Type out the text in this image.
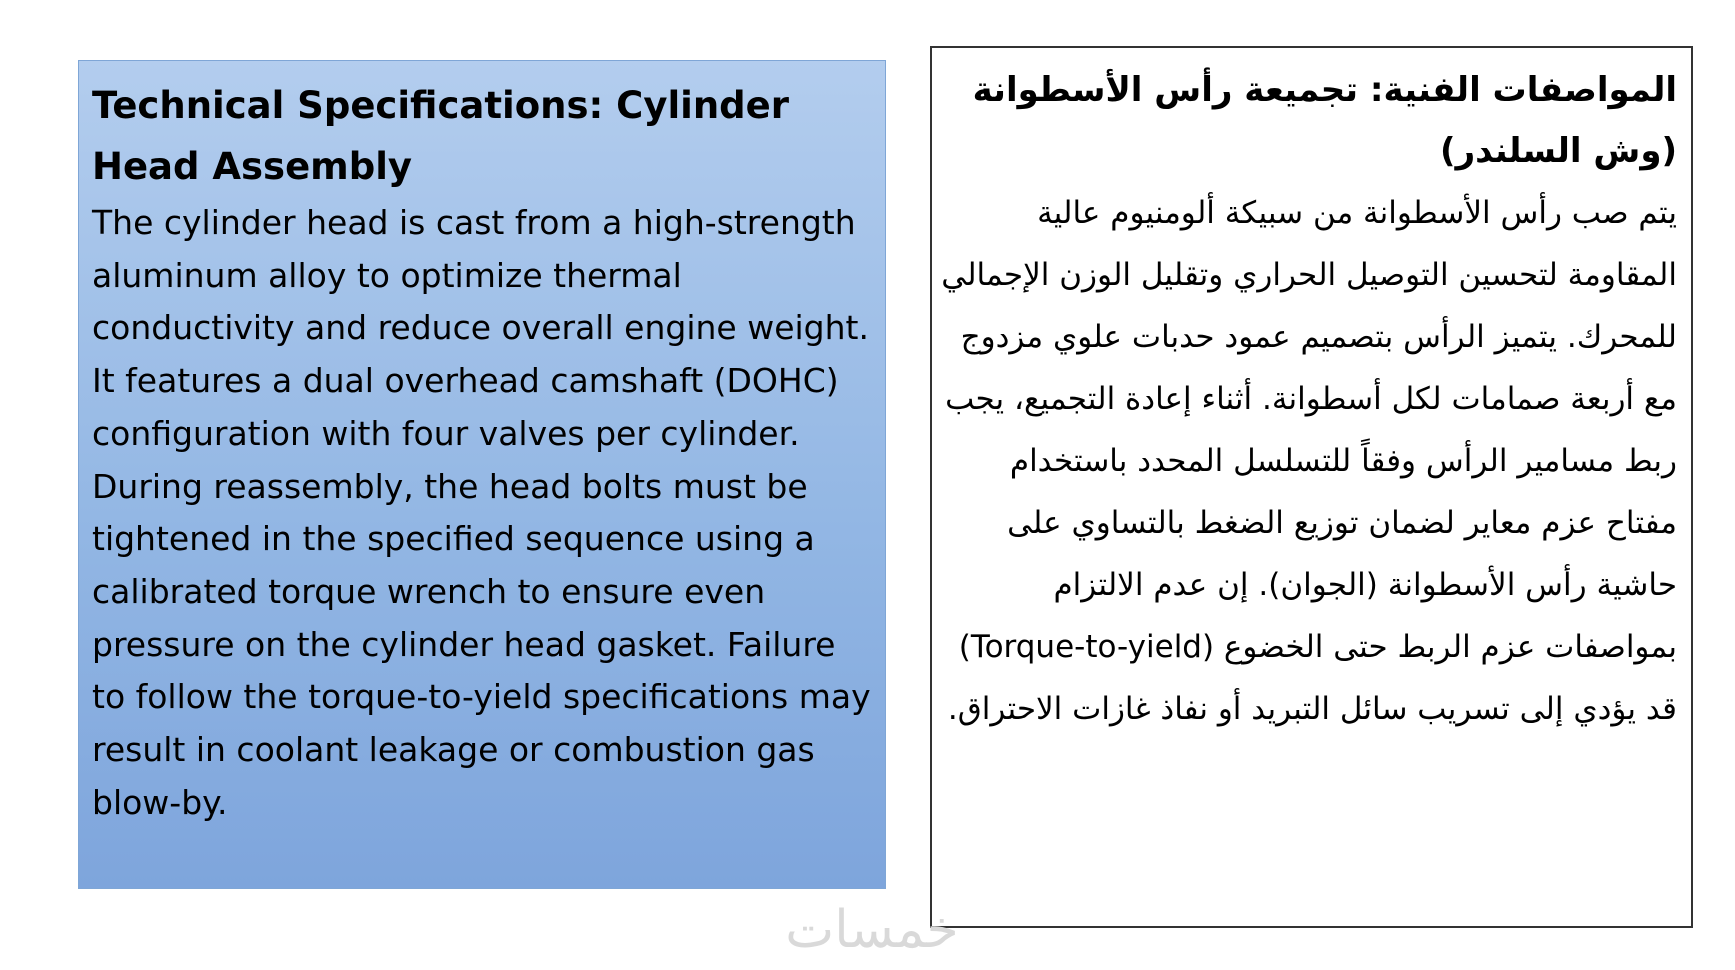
Technical Specifications: Cylinder Head Assembly

The cylinder head is cast from a high-strength aluminum alloy to optimize thermal conductivity and reduce overall engine weight. It features a dual overhead camshaft (DOHC) configuration with four valves per cylinder. During reassembly, the head bolts must be tightened in the specified sequence using a calibrated torque wrench to ensure even pressure on the cylinder head gasket. Failure to follow the torque-to-yield specifications may result in coolant leakage or combustion gas blow-by.

المواصفات الفنية: تجميعة رأس الأسطوانة (وش السلندر)

يتم صب رأس الأسطوانة من سبيكة ألومنيوم عالية المقاومة لتحسين التوصيل الحراري وتقليل الوزن الإجمالي للمحرك. يتميز الرأس بتصميم عمود حدبات علوي مزدوج مع أربعة صمامات لكل أسطوانة. أثناء إعادة التجميع، يجب ربط مسامير الرأس وفقاً للتسلسل المحدد باستخدام مفتاح عزم معاير لضمان توزيع الضغط بالتساوي على حاشية رأس الأسطوانة (الجوان). إن عدم الالتزام بمواصفات عزم الربط حتى الخضوع (Torque-to-yield) قد يؤدي إلى تسريب سائل التبريد أو نفاذ غازات الاحتراق.

خمسات
